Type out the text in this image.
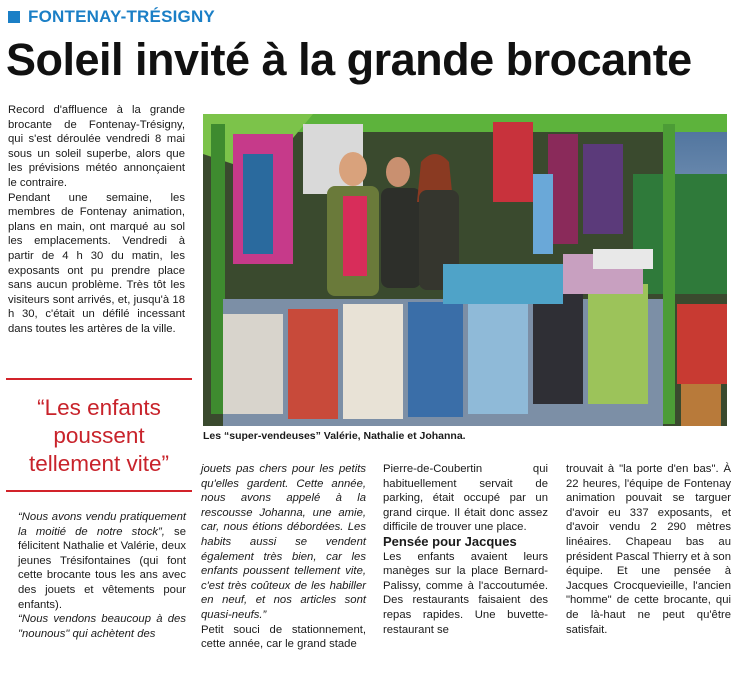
FONTENAY-TRÉSIGNY
Soleil invité à la grande brocante

Record d'affluence à la grande brocante de Fontenay-Trésigny, qui s'est déroulée vendredi 8 mai sous un soleil superbe, alors que les prévisions météo annonçaient le contraire.

Pendant une semaine, les membres de Fontenay animation, plans en main, ont marqué au sol les emplacements. Vendredi à partir de 4 h 30 du matin, les exposants ont pu prendre place sans aucun problème. Très tôt les visiteurs sont arrivés, et, jusqu'à 18 h 30, c'était un défilé incessant dans toutes les artères de la ville.

“Les enfants poussent tellement vite”
Les “super-vendeuses” Valérie, Nathalie et Johanna.

“Nous avons vendu pratiquement la moitié de notre stock”, se félicitent Nathalie et Valérie, deux jeunes Trésifontaines (qui font cette brocante tous les ans avec des jouets et vêtements pour enfants).

“Nous vendons beaucoup à des "nounous" qui achètent des

jouets pas chers pour les petits qu'elles gardent. Cette année, nous avons appelé à la rescousse Johanna, une amie, car, nous étions débordées. Les habits aussi se vendent également très bien, car les enfants poussent tellement vite, c'est très coûteux de les habiller en neuf, et nos articles sont quasi-neufs.”

Petit souci de stationnement, cette année, car le grand stade

Pierre-de-Coubertin qui habituellement servait de parking, était occupé par un grand cirque. Il était donc assez difficile de trouver une place.

Pensée pour Jacques

Les enfants avaient leurs manèges sur la place Bernard-Palissy, comme à l'accoutumée. Des restaurants faisaient des repas rapides. Une buvette-restaurant se

trouvait à "la porte d'en bas". À 22 heures, l'équipe de Fontenay animation pouvait se targuer d'avoir eu 337 exposants, et d'avoir vendu 2 290 mètres linéaires. Chapeau bas au président Pascal Thierry et à son équipe. Et une pensée à Jacques Crocquevieille, l'ancien "homme" de cette brocante, qui de là-haut ne peut qu'être satisfait.
